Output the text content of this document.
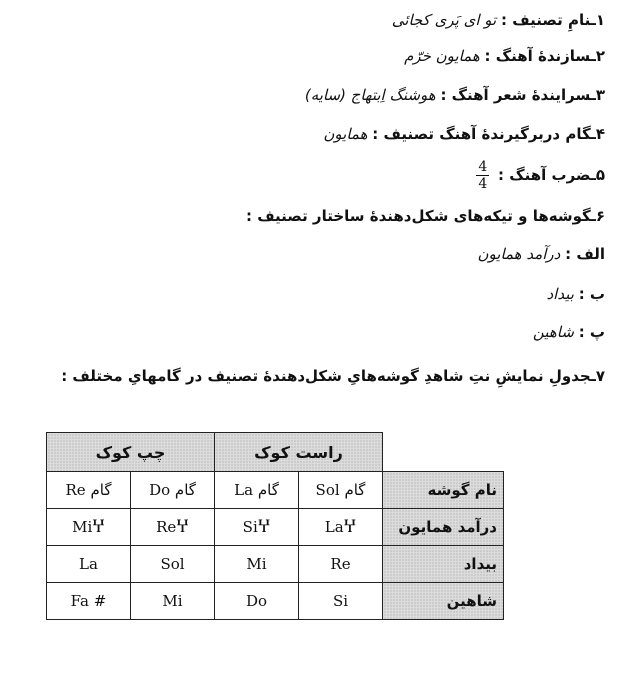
۱ـنامِ تصنیف : تو ای پَری کجائی
۲ـسازندهٔ آهنگ : همایون خرّم
۳ـسرایندهٔ شعر آهنگ : هوشنگ اِبتهاج (سایه)
۴ـگام دربرگیرندهٔ آهنگ تصنیف : همایون
۵ـضرب آهنگ :
$\frac{4}{4}$
۶ـگوشه‌ها و تیکه‌های شکل‌دهندهٔ ساختار تصنیف :
الف : درآمد همایون
ب : بیداد
پ : شاهین
۷ـجدولِ نمایشِ نتِ شاهدِ گوشه‌هایِ شکل‌دهندهٔ تصنیف در گامهایِ مختلف :
چپ کوک		راست کوک		
Re گام	Do گام	La گام	Sol گام	نام گوشه
MiჄ	ReჄ	SiჄ	LaჄ	درآمد همایون
La	Sol	Mi	Re	بیداد
Fa #	Mi	Do	Si	شاهین
